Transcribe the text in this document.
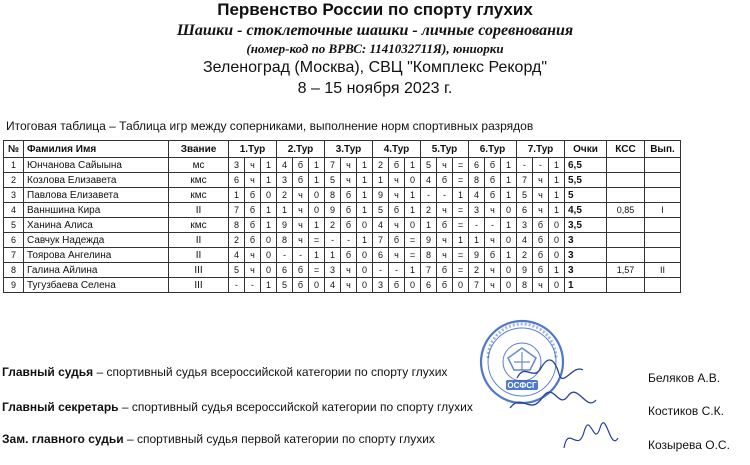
Первенство России по спорту глухих
Шашки - стоклеточные шашки - личные соревнования
(номер-код по ВРВС: 1141032711Я), юниорки
Зеленоград (Москва), СВЦ "Комплекс Рекорд"
8 – 15 ноября 2023 г.
Итоговая таблица – Таблица игр между соперниками, выполнение норм спортивных разрядов
№	Фамилия Имя	Звание	1.Тур			2.Тур			3.Тур			4.Тур			5.Тур			6.Тур			7.Тур			Очки	КСС	Вып.
1	Юнчанова Сайыына	мс	3	ч	1	4	б	1	7	ч	1	2	б	1	5	ч	=	6	б	1	-	-	1	6,5		
2	Козлова Елизавета	кмс	6	ч	1	3	б	1	5	ч	1	1	ч	0	4	б	=	8	б	1	7	ч	1	5,5		
3	Павлова Елизавета	кмс	1	б	0	2	ч	0	8	б	1	9	ч	1	-	-	1	4	б	1	5	ч	1	5		
4	Ванншина Кира	II	7	б	1	1	ч	0	9	б	1	5	б	1	2	ч	=	3	ч	0	6	ч	1	4,5	0,85	I
5	Ханина Алиса	кмс	8	б	1	9	ч	1	2	б	0	4	ч	0	1	б	=	-	-	1	3	б	0	3,5		
6	Савчук Надежда	II	2	б	0	8	ч	=	-	-	1	7	б	=	9	ч	1	1	ч	0	4	б	0	3		
7	Тоярова Ангелина	II	4	ч	0	-	-	1	1	б	0	6	ч	=	8	ч	=	9	б	1	2	б	0	3		
8	Галина Айлина	III	5	ч	0	6	б	=	3	ч	0	-	-	1	7	б	=	2	ч	0	9	б	1	3	1,57	II
9	Тугузбаева Селена	III	-	-	1	5	б	0	4	ч	0	3	б	0	6	б	0	7	ч	0	8	ч	0	1		
Главный судья – спортивный судья всероссийской категории по спорту глухих	Беляков А.В.
Главный секретарь – спортивный судья всероссийской категории по спорту глухих	Костиков С.К.
Зам. главного судьи – спортивный судья первой категории по спорту глухих	Козырева О.С.
ОСФСГ
